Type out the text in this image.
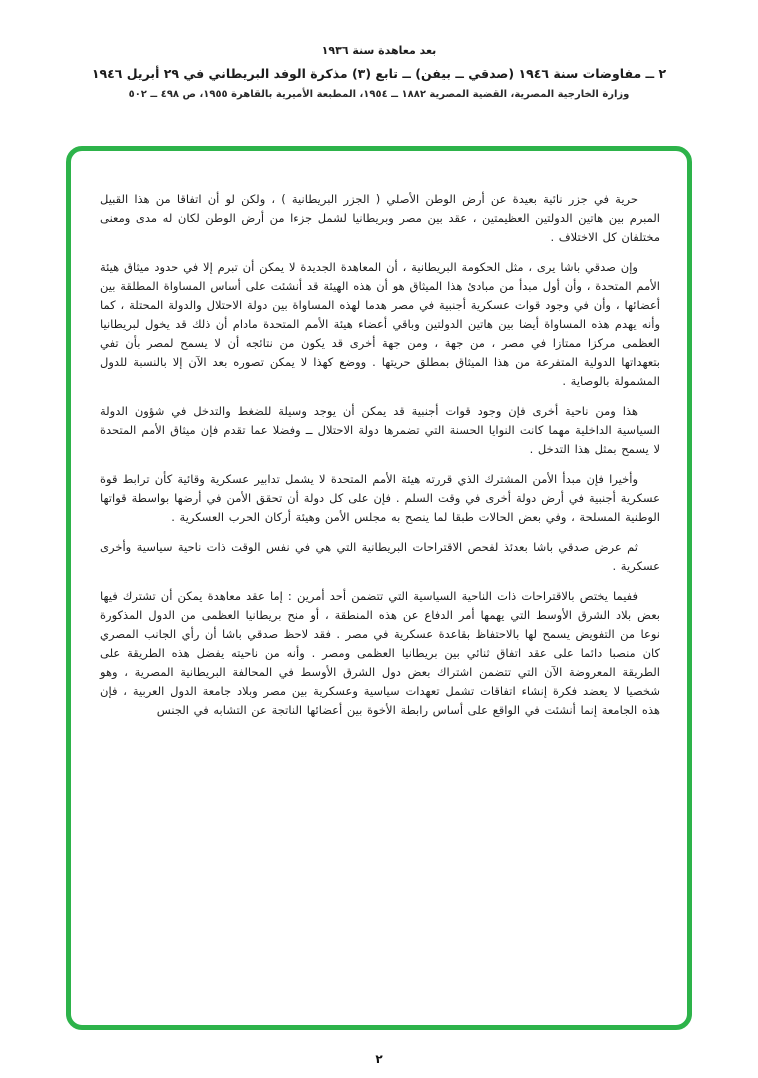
بعد معاهدة سنة ١٩٣٦
٢ ــ مفاوضات سنة ١٩٤٦ (صدقي ــ بيفن) ــ تابع (٣) مذكرة الوفد البريطاني في ٢٩ أبريل ١٩٤٦
وزارة الخارجية المصرية، القضية المصرية ١٨٨٢ ــ ١٩٥٤، المطبعة الأميرية بالقاهرة ١٩٥٥، ص ٤٩٨ ــ ٥٠٢

حرية في جزر نائية بعيدة عن أرض الوطن الأصلي ( الجزر البريطانية ) ، ولكن لو أن اتفاقا من هذا القبيل المبرم بين هاتين الدولتين العظيمتين ، عقد بين مصر وبريطانيا لشمل جزءا من أرض الوطن لكان له مدى ومعنى مختلفان كل الاختلاف .

وإن صدقي باشا يرى ، مثل الحكومة البريطانية ، أن المعاهدة الجديدة لا يمكن أن تبرم إلا في حدود ميثاق هيئة الأمم المتحدة ، وأن أول مبدأ من مبادئ هذا الميثاق هو أن هذه الهيئة قد أنشئت على أساس المساواة المطلقة بين أعضائها ، وأن في وجود قوات عسكرية أجنبية في مصر هدما لهذه المساواة بين دولة الاحتلال والدولة المحتلة ، كما وأنه يهدم هذه المساواة أيضا بين هاتين الدولتين وباقي أعضاء هيئة الأمم المتحدة مادام أن ذلك قد يخول لبريطانيا العظمى مركزا ممتازا في مصر ، من جهة ، ومن جهة أخرى قد يكون من نتائجه أن لا يسمح لمصر بأن تفي بتعهداتها الدولية المتفرعة من هذا الميثاق بمطلق حريتها . ووضع كهذا لا يمكن تصوره بعد الآن إلا بالنسبة للدول المشمولة بالوصاية .

هذا ومن ناحية أخرى فإن وجود قوات أجنبية قد يمكن أن يوجد وسيلة للضغط والتدخل في شؤون الدولة السياسية الداخلية مهما كانت النوايا الحسنة التي تضمرها دولة الاحتلال ــ وفضلا عما تقدم فإن ميثاق الأمم المتحدة لا يسمح بمثل هذا التدخل .

وأخيرا فإن مبدأ الأمن المشترك الذي قررته هيئة الأمم المتحدة لا يشمل تدابير عسكرية وقائية كأن ترابط قوة عسكرية أجنبية في أرض دولة أخرى في وقت السلم . فإن على كل دولة أن تحقق الأمن في أرضها بواسطة قواتها الوطنية المسلحة ، وفي بعض الحالات طبقا لما ينصح به مجلس الأمن وهيئة أركان الحرب العسكرية .

ثم عرض صدقي باشا بعدئذ لفحص الاقتراحات البريطانية التي هي في نفس الوقت ذات ناحية سياسية وأخرى عسكرية .

ففيما يختص بالاقتراحات ذات الناحية السياسية التي تتضمن أحد أمرين : إما عقد معاهدة يمكن أن تشترك فيها بعض بلاد الشرق الأوسط التي يهمها أمر الدفاع عن هذه المنطقة ، أو منح بريطانيا العظمى من الدول المذكورة نوعا من التفويض يسمح لها بالاحتفاظ بقاعدة عسكرية في مصر . فقد لاحظ صدقي باشا أن رأي الجانب المصري كان منصبا دائما على عقد اتفاق ثنائي بين بريطانيا العظمى ومصر . وأنه من ناحيته يفضل هذه الطريقة على الطريقة المعروضة الآن التي تتضمن اشتراك بعض دول الشرق الأوسط في المحالفة البريطانية المصرية ، وهو شخصيا لا يعضد فكرة إنشاء اتفاقات تشمل تعهدات سياسية وعسكرية بين مصر وبلاد جامعة الدول العربية ، فإن هذه الجامعة إنما أنشئت في الواقع على أساس رابطة الأخوة بين أعضائها الناتجة عن التشابه في الجنس

٢
